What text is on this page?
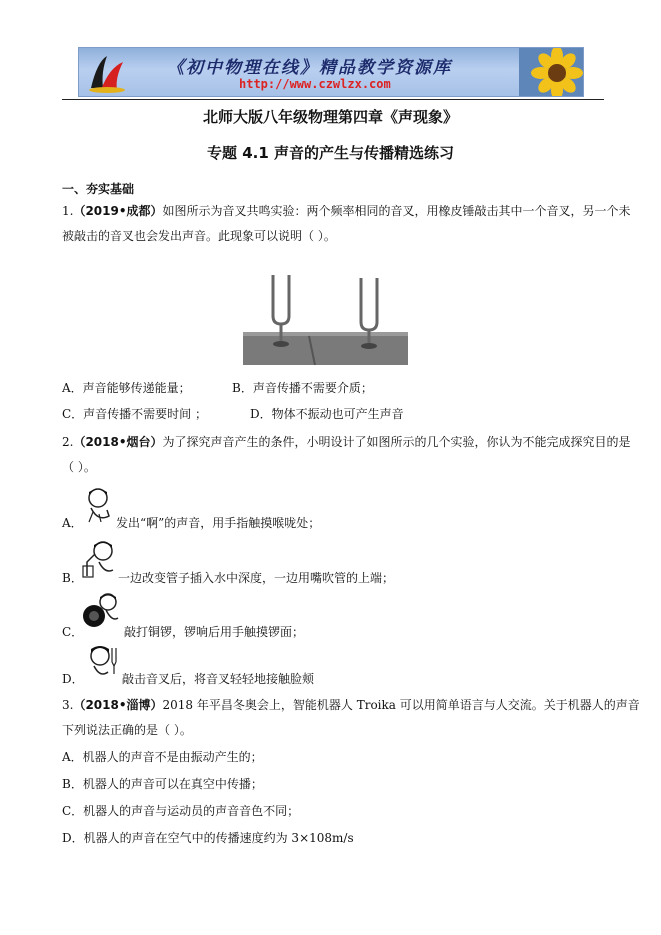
《初中物理在线》精品教学资源库
http://www.czwlzx.com
北师大版八年级物理第四章《声现象》
专题 4.1 声音的产生与传播精选练习
一、夯实基础
1.（2019•成都）如图所示为音叉共鸣实验：两个频率相同的音叉，用橡皮锤敲击其中一个音叉，另一个未
被敲击的音叉也会发出声音。此现象可以说明（ ）。
A．声音能够传递能量；	B．声音传播不需要介质；
C．声音传播不需要时间 ；	D．物体不振动也可产生声音
2.（2018•烟台）为了探究声音产生的条件，小明设计了如图所示的几个实验，你认为不能完成探究目的是
（ ）。
A．	发出“啊”的声音，用手指触摸喉咙处；
B．	一边改变管子插入水中深度，一边用嘴吹管的上端；
C．	敲打铜锣，锣响后用手触摸锣面；
D．	敲击音叉后，将音叉轻轻地接触脸颊
3.（2018•淄博）2018 年平昌冬奥会上，智能机器人 Troika 可以用简单语言与人交流。关于机器人的声音
下列说法正确的是（ ）。
A．机器人的声音不是由振动产生的；
B．机器人的声音可以在真空中传播；
C．机器人的声音与运动员的声音音色不同；
D．机器人的声音在空气中的传播速度约为 3×108m/s
